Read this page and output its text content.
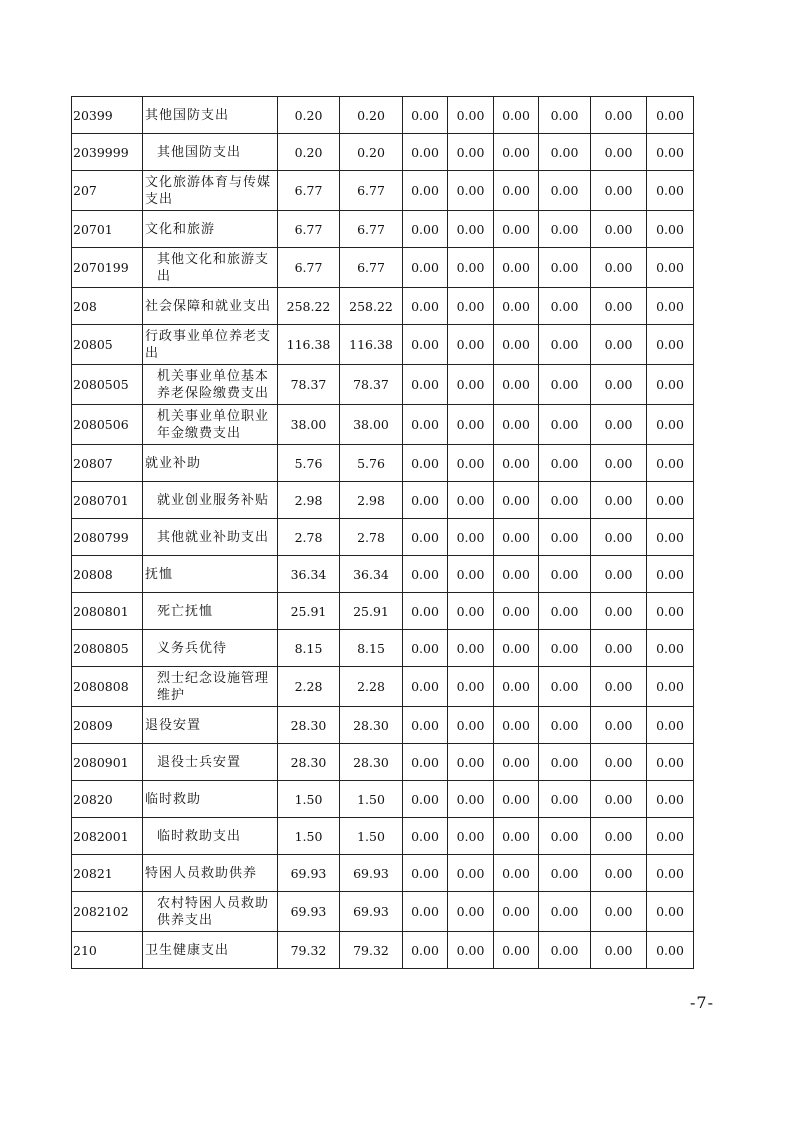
20399	其他国防支出	0.20	0.20	0.00	0.00	0.00	0.00	0.00	0.00
2039999	其他国防支出	0.20	0.20	0.00	0.00	0.00	0.00	0.00	0.00
207	文化旅游体育与传媒支出	6.77	6.77	0.00	0.00	0.00	0.00	0.00	0.00
20701	文化和旅游	6.77	6.77	0.00	0.00	0.00	0.00	0.00	0.00
2070199	其他文化和旅游支出	6.77	6.77	0.00	0.00	0.00	0.00	0.00	0.00
208	社会保障和就业支出	258.22	258.22	0.00	0.00	0.00	0.00	0.00	0.00
20805	行政事业单位养老支出	116.38	116.38	0.00	0.00	0.00	0.00	0.00	0.00
2080505	机关事业单位基本养老保险缴费支出	78.37	78.37	0.00	0.00	0.00	0.00	0.00	0.00
2080506	机关事业单位职业年金缴费支出	38.00	38.00	0.00	0.00	0.00	0.00	0.00	0.00
20807	就业补助	5.76	5.76	0.00	0.00	0.00	0.00	0.00	0.00
2080701	就业创业服务补贴	2.98	2.98	0.00	0.00	0.00	0.00	0.00	0.00
2080799	其他就业补助支出	2.78	2.78	0.00	0.00	0.00	0.00	0.00	0.00
20808	抚恤	36.34	36.34	0.00	0.00	0.00	0.00	0.00	0.00
2080801	死亡抚恤	25.91	25.91	0.00	0.00	0.00	0.00	0.00	0.00
2080805	义务兵优待	8.15	8.15	0.00	0.00	0.00	0.00	0.00	0.00
2080808	烈士纪念设施管理维护	2.28	2.28	0.00	0.00	0.00	0.00	0.00	0.00
20809	退役安置	28.30	28.30	0.00	0.00	0.00	0.00	0.00	0.00
2080901	退役士兵安置	28.30	28.30	0.00	0.00	0.00	0.00	0.00	0.00
20820	临时救助	1.50	1.50	0.00	0.00	0.00	0.00	0.00	0.00
2082001	临时救助支出	1.50	1.50	0.00	0.00	0.00	0.00	0.00	0.00
20821	特困人员救助供养	69.93	69.93	0.00	0.00	0.00	0.00	0.00	0.00
2082102	农村特困人员救助供养支出	69.93	69.93	0.00	0.00	0.00	0.00	0.00	0.00
210	卫生健康支出	79.32	79.32	0.00	0.00	0.00	0.00	0.00	0.00
-7-
